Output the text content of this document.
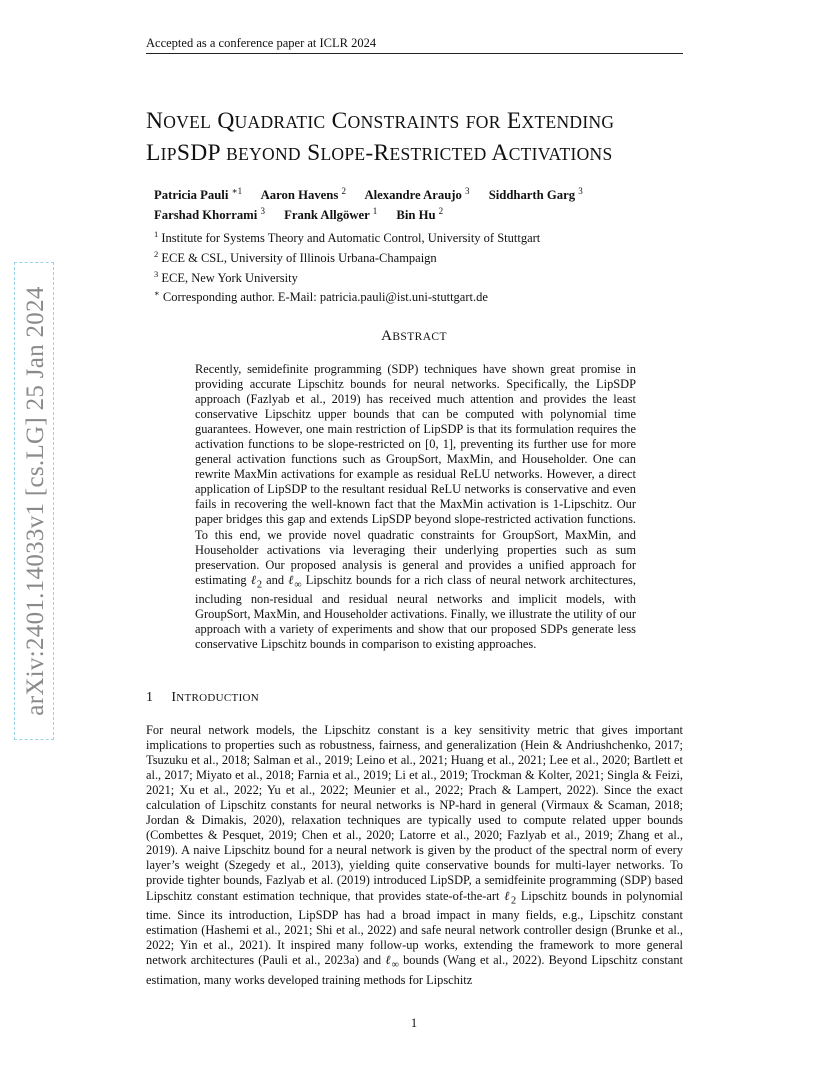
Accepted as a conference paper at ICLR 2024
arXiv:2401.14033v1 [cs.LG] 25 Jan 2024
NOVEL QUADRATIC CONSTRAINTS FOR EXTENDING
LIPSDP BEYOND SLOPE-RESTRICTED ACTIVATIONS
Patricia Pauli $^{∗1}$ Aaron Havens $^2$ Alexandre Araujo $^3$ Siddharth Garg $^3$
Farshad Khorrami $^3$ Frank Allgöwer $^1$ Bin Hu $^2$
$^1$ Institute for Systems Theory and Automatic Control, University of Stuttgart
$^2$ ECE & CSL, University of Illinois Urbana-Champaign
$^3$ ECE, New York University
∗ Corresponding author. E-Mail: patricia.pauli@ist.uni-stuttgart.de
ABSTRACT
Recently, semidefinite programming (SDP) techniques have shown great promise in providing accurate Lipschitz bounds for neural networks. Specifically, the LipSDP approach (Fazlyab et al., 2019) has received much attention and provides the least conservative Lipschitz upper bounds that can be computed with polynomial time guarantees. However, one main restriction of LipSDP is that its formulation requires the activation functions to be slope-restricted on [0, 1], preventing its further use for more general activation functions such as GroupSort, MaxMin, and Householder. One can rewrite MaxMin activations for example as residual ReLU networks. However, a direct application of LipSDP to the resultant residual ReLU networks is conservative and even fails in recovering the well-known fact that the MaxMin activation is 1-Lipschitz. Our paper bridges this gap and extends LipSDP beyond slope-restricted activation functions. To this end, we provide novel quadratic constraints for GroupSort, MaxMin, and Householder activations via leveraging their underlying properties such as sum preservation. Our proposed analysis is general and provides a unified approach for estimating ℓ$_2$ and ℓ$_\infty$ Lipschitz bounds for a rich class of neural network architectures, including non-residual and residual neural networks and implicit models, with GroupSort, MaxMin, and Householder activations. Finally, we illustrate the utility of our approach with a variety of experiments and show that our proposed SDPs generate less conservative Lipschitz bounds in comparison to existing approaches.
1 INTRODUCTION
For neural network models, the Lipschitz constant is a key sensitivity metric that gives important implications to properties such as robustness, fairness, and generalization (Hein & Andriushchenko, 2017; Tsuzuku et al., 2018; Salman et al., 2019; Leino et al., 2021; Huang et al., 2021; Lee et al., 2020; Bartlett et al., 2017; Miyato et al., 2018; Farnia et al., 2019; Li et al., 2019; Trockman & Kolter, 2021; Singla & Feizi, 2021; Xu et al., 2022; Yu et al., 2022; Meunier et al., 2022; Prach & Lampert, 2022). Since the exact calculation of Lipschitz constants for neural networks is NP-hard in general (Virmaux & Scaman, 2018; Jordan & Dimakis, 2020), relaxation techniques are typically used to compute related upper bounds (Combettes & Pesquet, 2019; Chen et al., 2020; Latorre et al., 2020; Fazlyab et al., 2019; Zhang et al., 2019). A naive Lipschitz bound for a neural network is given by the product of the spectral norm of every layer’s weight (Szegedy et al., 2013), yielding quite conservative bounds for multi-layer networks. To provide tighter bounds, Fazlyab et al. (2019) introduced LipSDP, a semidfeinite programming (SDP) based Lipschitz constant estimation technique, that provides state-of-the-art ℓ$_2$ Lipschitz bounds in polynomial time. Since its introduction, LipSDP has had a broad impact in many fields, e.g., Lipschitz constant estimation (Hashemi et al., 2021; Shi et al., 2022) and safe neural network controller design (Brunke et al., 2022; Yin et al., 2021). It inspired many follow-up works, extending the framework to more general network architectures (Pauli et al., 2023a) and ℓ$_\infty$ bounds (Wang et al., 2022). Beyond Lipschitz constant estimation, many works developed training methods for Lipschitz
1
